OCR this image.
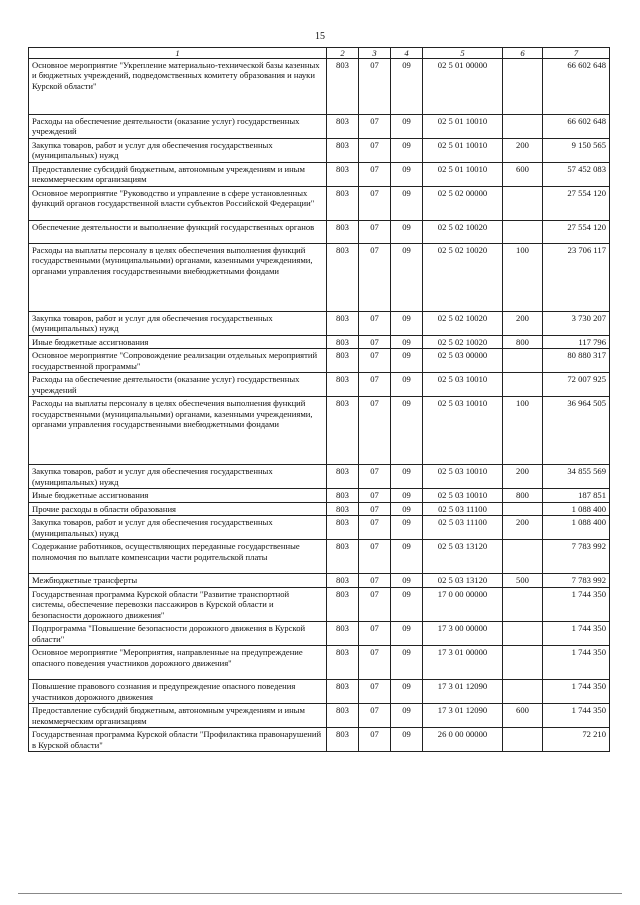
15
1	2	3	4	5	6	7
Основное мероприятие "Укрепление материально-технической базы казенных и бюджетных учреждений, подведомственных комитету образования и науки Курской области"	803	07	09	02 5 01 00000		66 602 648
Расходы на обеспечение деятельности (оказание услуг) государственных учреждений	803	07	09	02 5 01 10010		66 602 648
Закупка товаров, работ и услуг для обеспечения государственных (муниципальных) нужд	803	07	09	02 5 01 10010	200	9 150 565
Предоставление субсидий бюджетным, автономным учреждениям и иным некоммерческим организациям	803	07	09	02 5 01 10010	600	57 452 083
Основное мероприятие "Руководство и управление в сфере установленных функций органов государственной власти субъектов Российской Федерации"	803	07	09	02 5 02 00000		27 554 120
Обеспечение деятельности и выполнение функций государственных органов	803	07	09	02 5 02 10020		27 554 120
Расходы на выплаты персоналу в целях обеспечения выполнения функций государственными (муниципальными) органами, казенными учреждениями, органами управления государственными внебюджетными фондами	803	07	09	02 5 02 10020	100	23 706 117
Закупка товаров, работ и услуг для обеспечения государственных (муниципальных) нужд	803	07	09	02 5 02 10020	200	3 730 207
Иные бюджетные ассигнования	803	07	09	02 5 02 10020	800	117 796
Основное мероприятие "Сопровождение реализации отдельных мероприятий государственной программы"	803	07	09	02 5 03 00000		80 880 317
Расходы на обеспечение деятельности (оказание услуг) государственных учреждений	803	07	09	02 5 03 10010		72 007 925
Расходы на выплаты персоналу в целях обеспечения выполнения функций государственными (муниципальными) органами, казенными учреждениями, органами управления государственными внебюджетными фондами	803	07	09	02 5 03 10010	100	36 964 505
Закупка товаров, работ и услуг для обеспечения государственных (муниципальных) нужд	803	07	09	02 5 03 10010	200	34 855 569
Иные бюджетные ассигнования	803	07	09	02 5 03 10010	800	187 851
Прочие расходы в области образования	803	07	09	02 5 03 11100		1 088 400
Закупка товаров, работ и услуг для обеспечения государственных (муниципальных) нужд	803	07	09	02 5 03 11100	200	1 088 400
Содержание работников, осуществляющих переданные государственные полномочия по выплате компенсации части родительской платы	803	07	09	02 5 03 13120		7 783 992
Межбюджетные трансферты	803	07	09	02 5 03 13120	500	7 783 992
Государственная программа Курской области "Развитие транспортной системы, обеспечение перевозки пассажиров в Курской области и безопасности дорожного движения"	803	07	09	17 0 00 00000		1 744 350
Подпрограмма "Повышение безопасности дорожного движения в Курской области"	803	07	09	17 3 00 00000		1 744 350
Основное мероприятие "Мероприятия, направленные на предупреждение опасного поведения участников дорожного движения"	803	07	09	17 3 01 00000		1 744 350
Повышение правового сознания и предупреждение опасного поведения участников дорожного движения	803	07	09	17 3 01 12090		1 744 350
Предоставление субсидий бюджетным, автономным учреждениям и иным некоммерческим организациям	803	07	09	17 3 01 12090	600	1 744 350
Государственная программа Курской области "Профилактика правонарушений в Курской области"	803	07	09	26 0 00 00000		72 210
